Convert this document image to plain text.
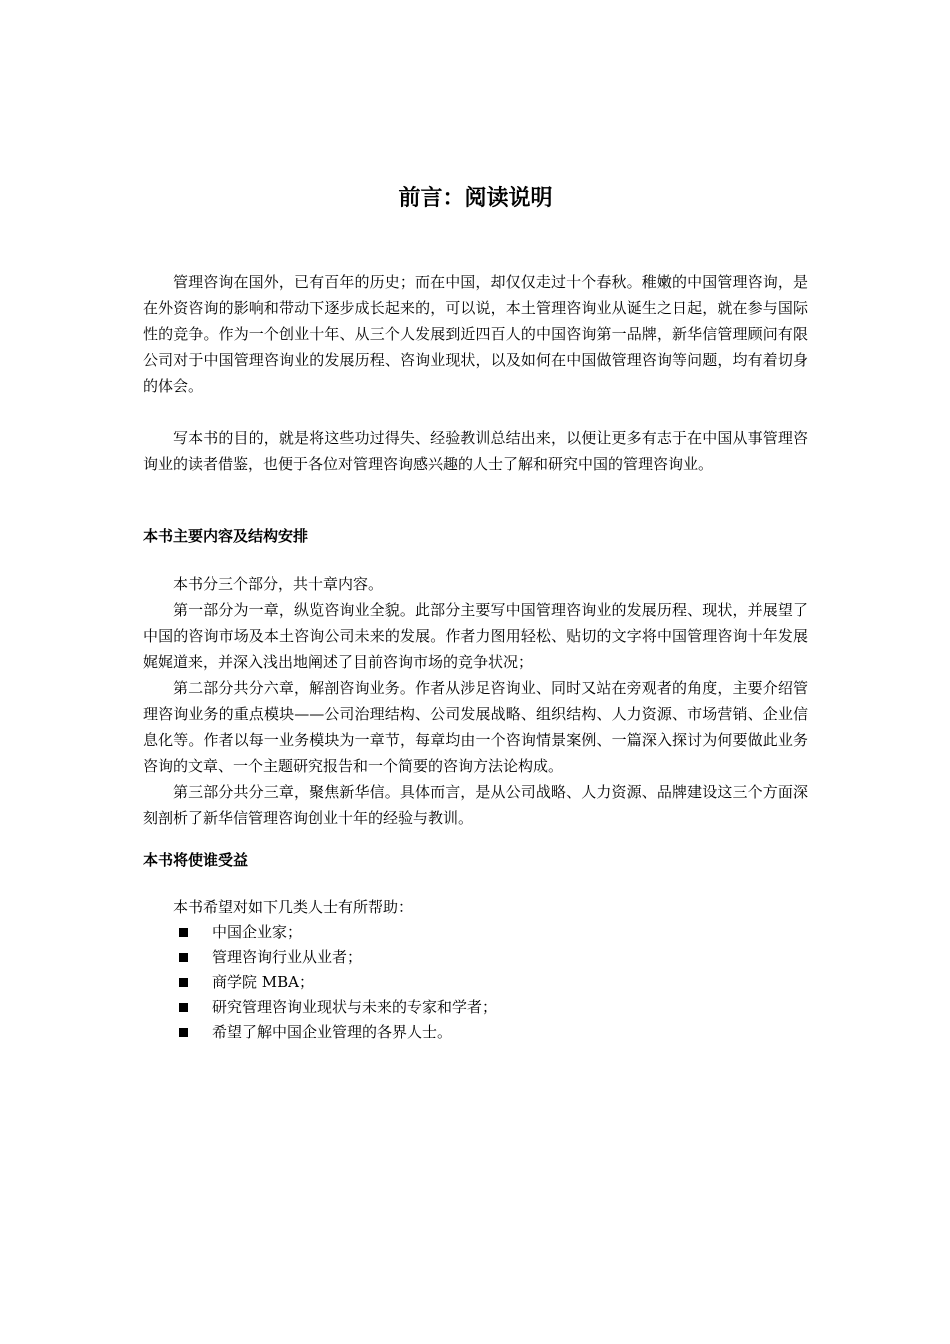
前言：阅读说明

管理咨询在国外，已有百年的历史；而在中国，却仅仅走过十个春秋。稚嫩的中国管理咨询，是在外资咨询的影响和带动下逐步成长起来的，可以说，本土管理咨询业从诞生之日起，就在参与国际性的竞争。作为一个创业十年、从三个人发展到近四百人的中国咨询第一品牌，新华信管理顾问有限公司对于中国管理咨询业的发展历程、咨询业现状，以及如何在中国做管理咨询等问题，均有着切身的体会。

写本书的目的，就是将这些功过得失、经验教训总结出来，以便让更多有志于在中国从事管理咨询业的读者借鉴，也便于各位对管理咨询感兴趣的人士了解和研究中国的管理咨询业。

本书主要内容及结构安排

本书分三个部分，共十章内容。

第一部分为一章，纵览咨询业全貌。此部分主要写中国管理咨询业的发展历程、现状，并展望了中国的咨询市场及本土咨询公司未来的发展。作者力图用轻松、贴切的文字将中国管理咨询十年发展娓娓道来，并深入浅出地阐述了目前咨询市场的竞争状况；

第二部分共分六章，解剖咨询业务。作者从涉足咨询业、同时又站在旁观者的角度，主要介绍管理咨询业务的重点模块——公司治理结构、公司发展战略、组织结构、人力资源、市场营销、企业信息化等。作者以每一业务模块为一章节，每章均由一个咨询情景案例、一篇深入探讨为何要做此业务咨询的文章、一个主题研究报告和一个简要的咨询方法论构成。

第三部分共分三章，聚焦新华信。具体而言，是从公司战略、人力资源、品牌建设这三个方面深刻剖析了新华信管理咨询创业十年的经验与教训。

本书将使谁受益

本书希望对如下几类人士有所帮助：

中国企业家；
管理咨询行业从业者；
商学院 MBA；
研究管理咨询业现状与未来的专家和学者；
希望了解中国企业管理的各界人士。
